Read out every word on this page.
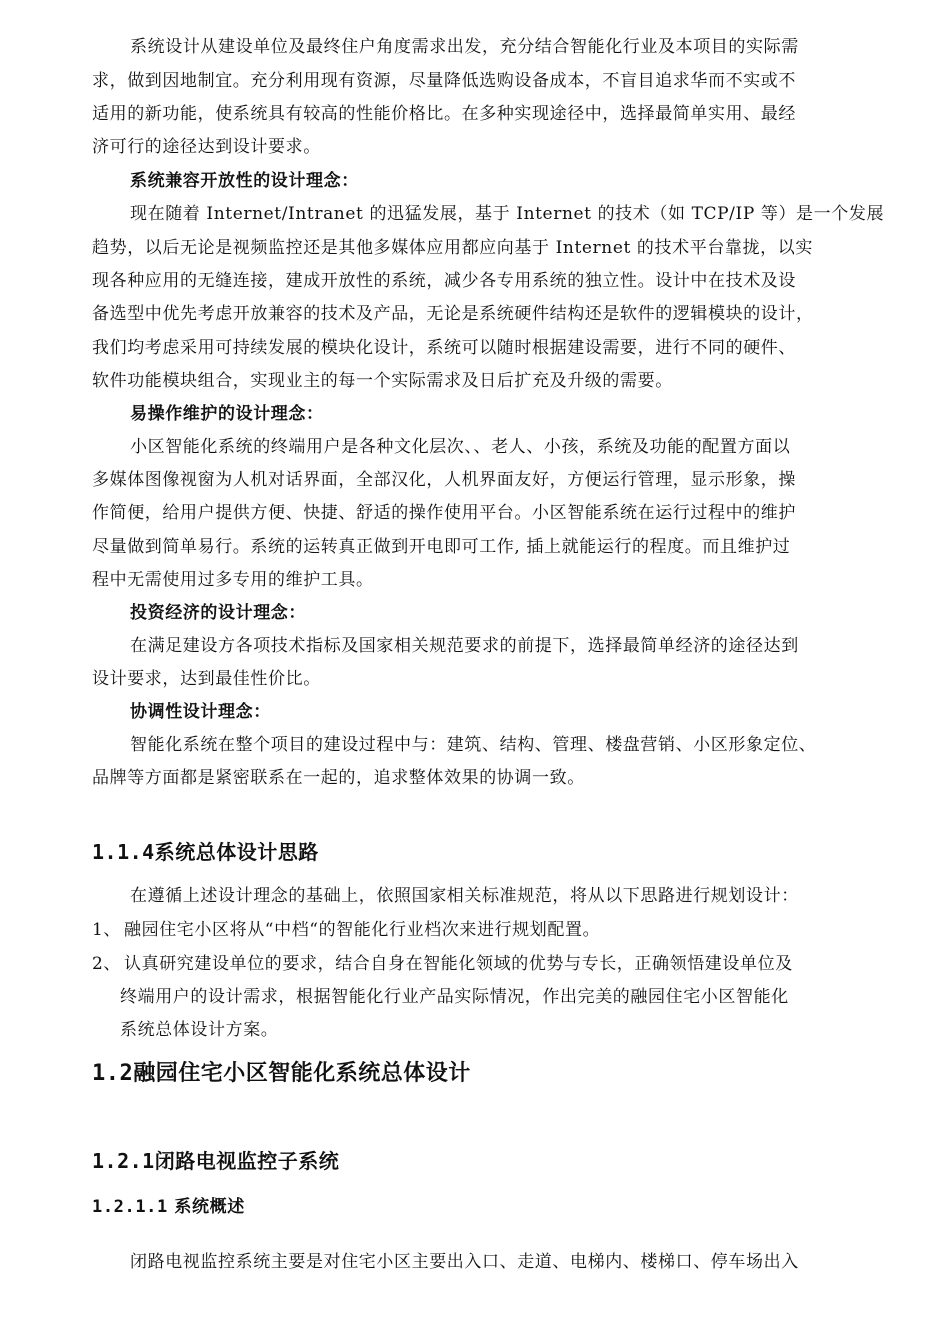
系统设计从建设单位及最终住户角度需求出发，充分结合智能化行业及本项目的实际需

求，做到因地制宜。充分利用现有资源，尽量降低选购设备成本，不盲目追求华而不实或不

适用的新功能，使系统具有较高的性能价格比。在多种实现途径中，选择最简单实用、最经

济可行的途径达到设计要求。

系统兼容开放性的设计理念：

现在随着 Internet/Intranet 的迅猛发展，基于 Internet 的技术（如 TCP/IP 等）是一个发展

趋势，以后无论是视频监控还是其他多媒体应用都应向基于 Internet 的技术平台靠拢，以实

现各种应用的无缝连接，建成开放性的系统，减少各专用系统的独立性。设计中在技术及设

备选型中优先考虑开放兼容的技术及产品，无论是系统硬件结构还是软件的逻辑模块的设计，

我们均考虑采用可持续发展的模块化设计，系统可以随时根据建设需要，进行不同的硬件、

软件功能模块组合，实现业主的每一个实际需求及日后扩充及升级的需要。

易操作维护的设计理念：

小区智能化系统的终端用户是各种文化层次、、老人、小孩，系统及功能的配置方面以

多媒体图像视窗为人机对话界面，全部汉化，人机界面友好，方便运行管理，显示形象，操

作简便，给用户提供方便、快捷、舒适的操作使用平台。小区智能系统在运行过程中的维护

尽量做到简单易行。系统的运转真正做到开电即可工作, 插上就能运行的程度。而且维护过

程中无需使用过多专用的维护工具。

投资经济的设计理念：

在满足建设方各项技术指标及国家相关规范要求的前提下，选择最简单经济的途径达到

设计要求，达到最佳性价比。

协调性设计理念：

智能化系统在整个项目的建设过程中与：建筑、结构、管理、楼盘营销、小区形象定位、

品牌等方面都是紧密联系在一起的，追求整体效果的协调一致。

1.1.4系统总体设计思路

在遵循上述设计理念的基础上，依照国家相关标准规范，将从以下思路进行规划设计：

1、 融园住宅小区将从“中档“的智能化行业档次来进行规划配置。

2、 认真研究建设单位的要求，结合自身在智能化领域的优势与专长，正确领悟建设单位及

终端用户的设计需求，根据智能化行业产品实际情况，作出完美的融园住宅小区智能化

系统总体设计方案。

1.2融园住宅小区智能化系统总体设计
1.2.1闭路电视监控子系统
1.2.1.1 系统概述

闭路电视监控系统主要是对住宅小区主要出入口、走道、电梯内、楼梯口、停车场出入
